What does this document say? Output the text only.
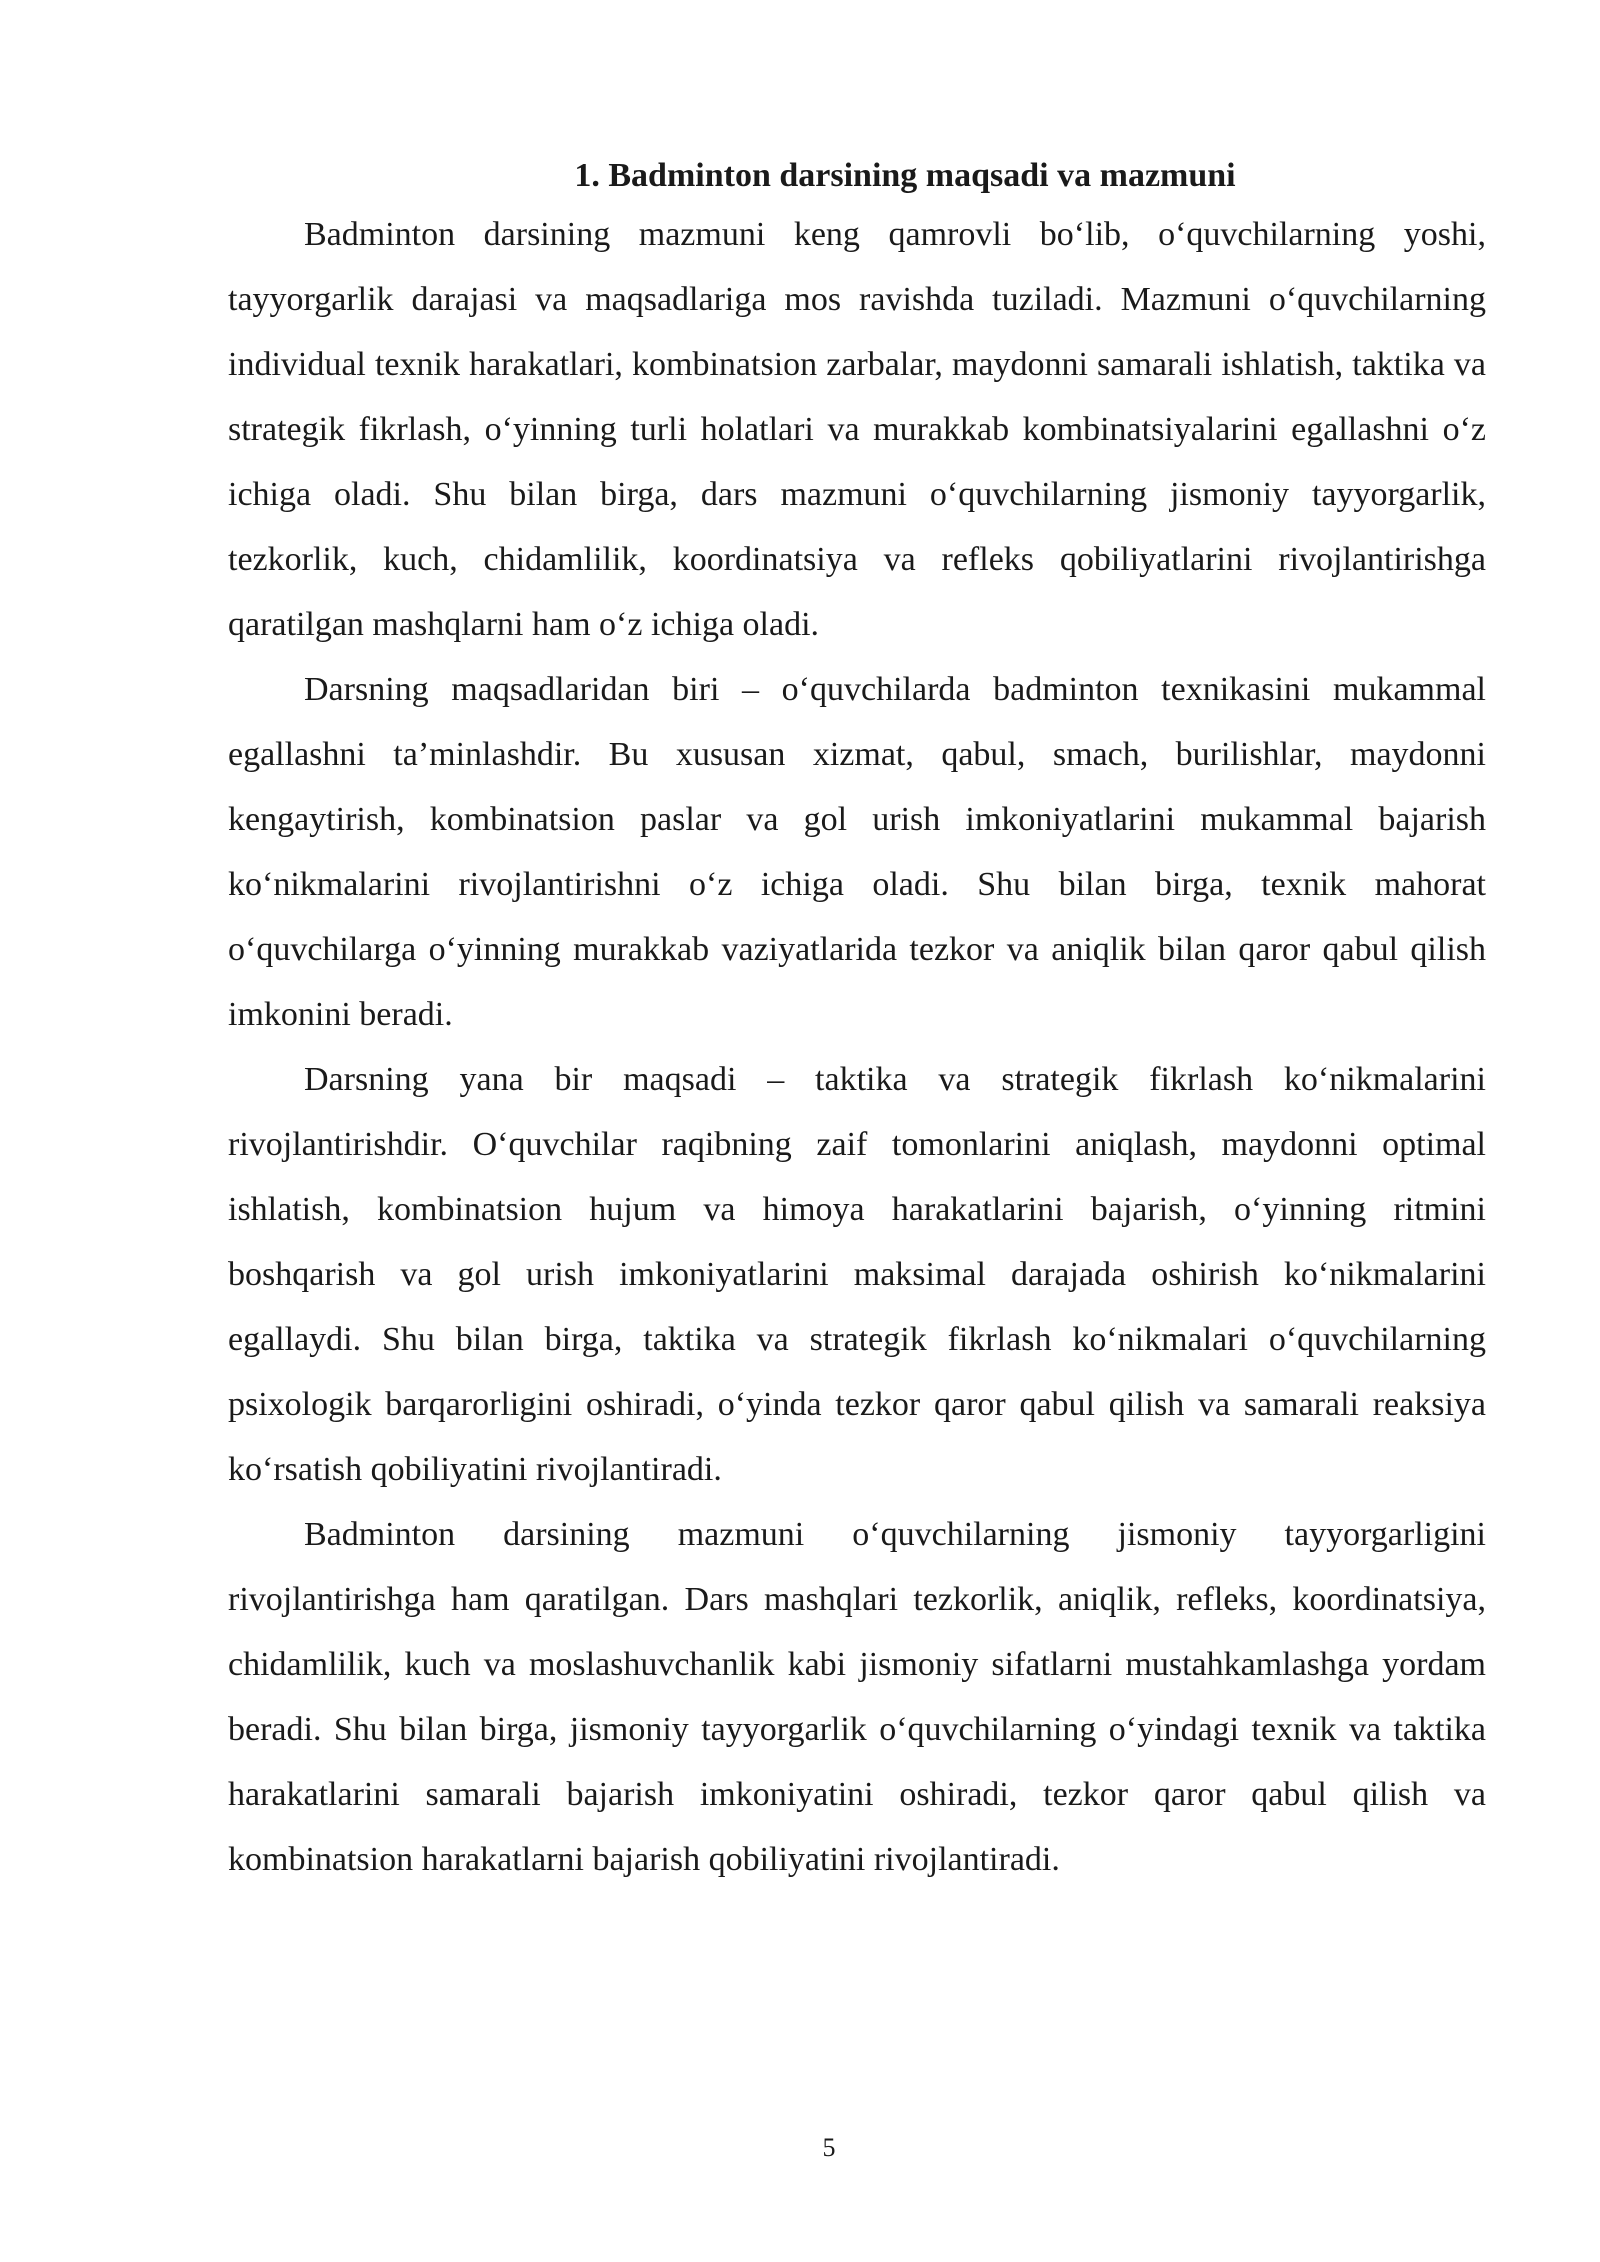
1. Badminton darsining maqsadi va mazmuni

Badminton darsining mazmuni keng qamrovli bo‘lib, o‘quvchilarning yoshi, tayyorgarlik darajasi va maqsadlariga mos ravishda tuziladi. Mazmuni o‘quvchilarning individual texnik harakatlari, kombinatsion zarbalar, maydonni samarali ishlatish, taktika va strategik fikrlash, o‘yinning turli holatlari va murakkab kombinatsiyalarini egallashni o‘z ichiga oladi. Shu bilan birga, dars mazmuni o‘quvchilarning jismoniy tayyorgarlik, tezkorlik, kuch, chidamlilik, koordinatsiya va refleks qobiliyatlarini rivojlantirishga qaratilgan mashqlarni ham o‘z ichiga oladi.

Darsning maqsadlaridan biri – o‘quvchilarda badminton texnikasini mukammal egallashni ta’minlashdir. Bu xususan xizmat, qabul, smach, burilishlar, maydonni kengaytirish, kombinatsion paslar va gol urish imkoniyatlarini mukammal bajarish ko‘nikmalarini rivojlantirishni o‘z ichiga oladi. Shu bilan birga, texnik mahorat o‘quvchilarga o‘yinning murakkab vaziyatlarida tezkor va aniqlik bilan qaror qabul qilish imkonini beradi.

Darsning yana bir maqsadi – taktika va strategik fikrlash ko‘nikmalarini rivojlantirishdir. O‘quvchilar raqibning zaif tomonlarini aniqlash, maydonni optimal ishlatish, kombinatsion hujum va himoya harakatlarini bajarish, o‘yinning ritmini boshqarish va gol urish imkoniyatlarini maksimal darajada oshirish ko‘nikmalarini egallaydi. Shu bilan birga, taktika va strategik fikrlash ko‘nikmalari o‘quvchilarning psixologik barqarorligini oshiradi, o‘yinda tezkor qaror qabul qilish va samarali reaksiya ko‘rsatish qobiliyatini rivojlantiradi.

Badminton darsining mazmuni o‘quvchilarning jismoniy tayyorgarligini rivojlantirishga ham qaratilgan. Dars mashqlari tezkorlik, aniqlik, refleks, koordinatsiya, chidamlilik, kuch va moslashuvchanlik kabi jismoniy sifatlarni mustahkamlashga yordam beradi. Shu bilan birga, jismoniy tayyorgarlik o‘quvchilarning o‘yindagi texnik va taktika harakatlarini samarali bajarish imkoniyatini oshiradi, tezkor qaror qabul qilish va kombinatsion harakatlarni bajarish qobiliyatini rivojlantiradi.

5
